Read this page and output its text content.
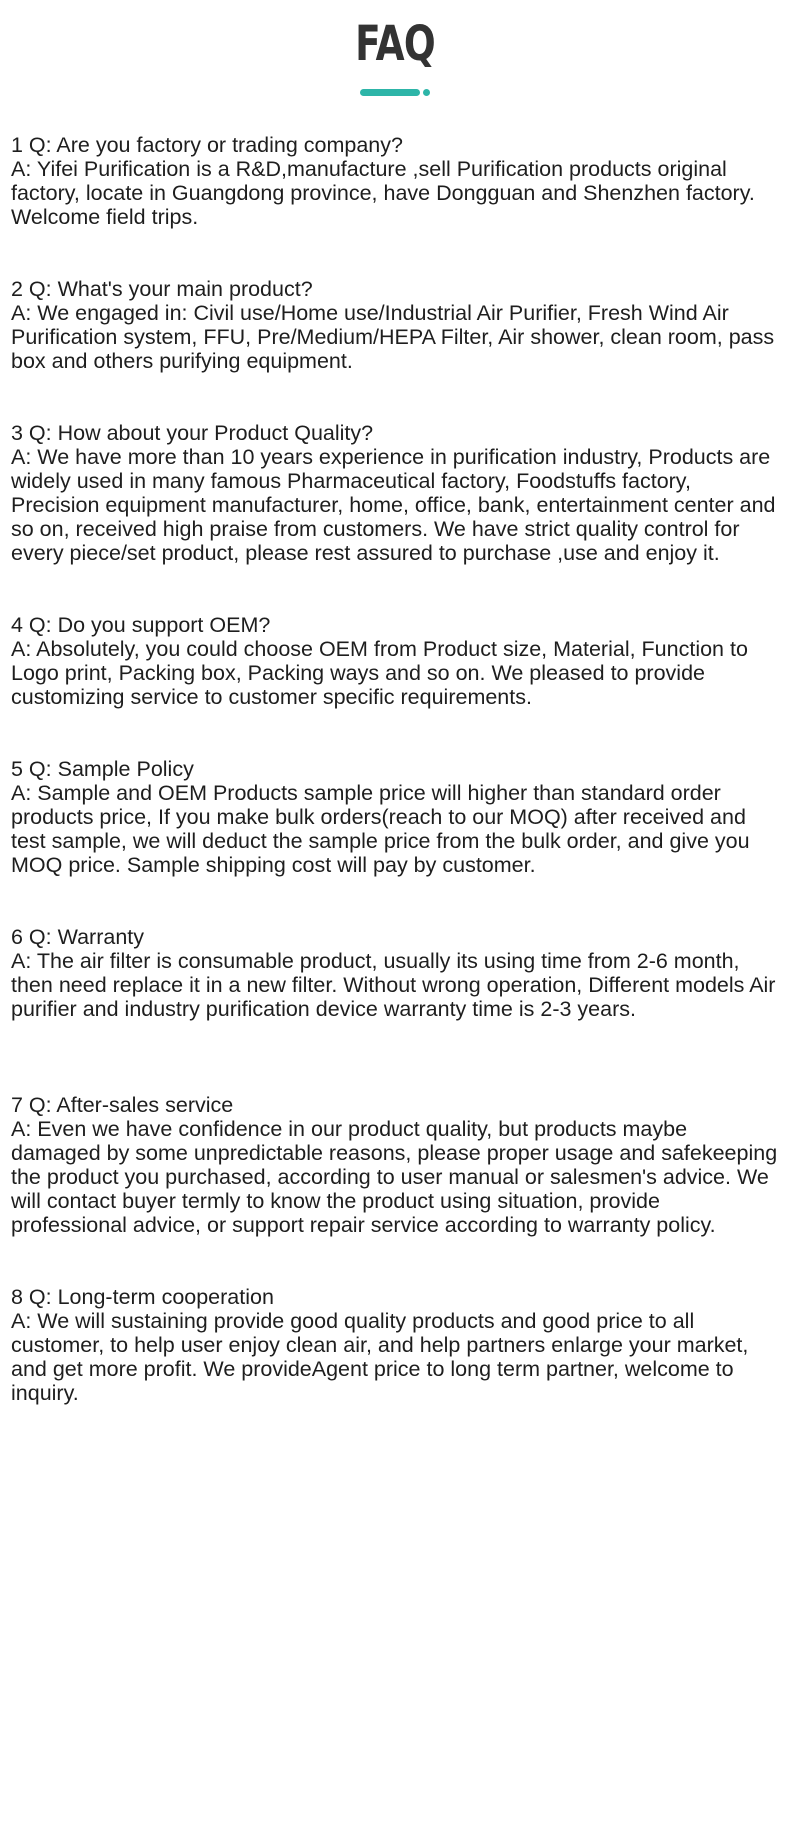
FAQ

1 Q: Are you factory or trading company?

A: Yifei Purification is a R&D,manufacture ,sell Purification products original factory, locate in Guangdong province, have Dongguan and Shenzhen factory. Welcome field trips.

2 Q: What's your main product?

A: We engaged in: Civil use/Home use/Industrial Air Purifier, Fresh Wind Air Purification system, FFU, Pre/Medium/HEPA Filter, Air shower, clean room, pass box and others purifying equipment.

3 Q: How about your Product Quality?

A: We have more than 10 years experience in purification industry, Products are widely used in many famous Pharmaceutical factory, Foodstuffs factory, Precision equipment manufacturer, home, office, bank, entertainment center and so on, received high praise from customers. We have strict quality control for every piece/set product, please rest assured to purchase ,use and enjoy it.

4 Q: Do you support OEM?

A: Absolutely, you could choose OEM from Product size, Material, Function to Logo print, Packing box, Packing ways and so on. We pleased to provide customizing service to customer specific requirements.

5 Q: Sample Policy

A: Sample and OEM Products sample price will higher than standard order products price, If you make bulk orders(reach to our MOQ) after received and test sample, we will deduct the sample price from the bulk order, and give you MOQ price. Sample shipping cost will pay by customer.

6 Q: Warranty

A: The air filter is consumable product, usually its using time from 2-6 month, then need replace it in a new filter. Without wrong operation, Different models Air purifier and industry purification device warranty time is 2-3 years.

7 Q: After-sales service

A: Even we have confidence in our product quality, but products maybe damaged by some unpredictable reasons, please proper usage and safekeeping the product you purchased, according to user manual or salesmen's advice. We will contact buyer termly to know the product using situation, provide professional advice, or support repair service according to warranty policy.

8 Q: Long-term cooperation

A: We will sustaining provide good quality products and good price to all customer, to help user enjoy clean air, and help partners enlarge your market, and get more profit. We provideAgent price to long term partner, welcome to inquiry.
